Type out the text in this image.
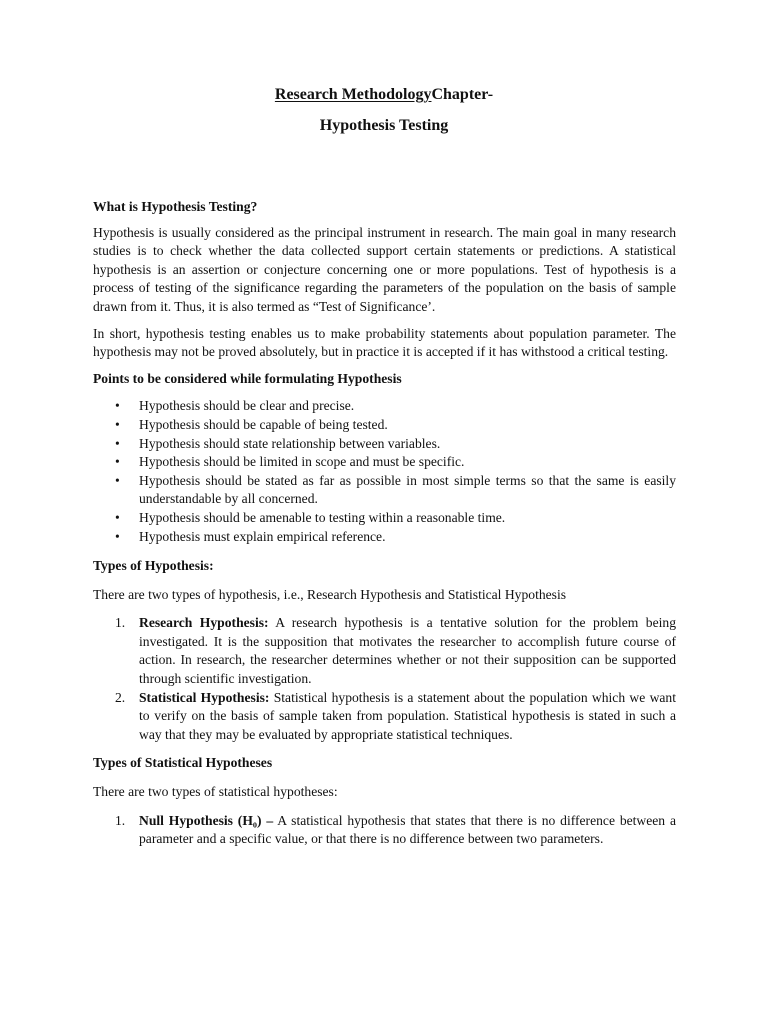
Research MethodologyChapter-
Hypothesis Testing
What is Hypothesis Testing?

Hypothesis is usually considered as the principal instrument in research. The main goal in many research studies is to check whether the data collected support certain statements or predictions. A statistical hypothesis is an assertion or conjecture concerning one or more populations. Test of hypothesis is a process of testing of the significance regarding the parameters of the population on the basis of sample drawn from it. Thus, it is also termed as “Test of Significance’.

In short, hypothesis testing enables us to make probability statements about population parameter. The hypothesis may not be proved absolutely, but in practice it is accepted if it has withstood a critical testing.

Points to be considered while formulating Hypothesis
• Hypothesis should be clear and precise.
• Hypothesis should be capable of being tested.
• Hypothesis should state relationship between variables.
• Hypothesis should be limited in scope and must be specific.
• Hypothesis should be stated as far as possible in most simple terms so that the same is easily understandable by all concerned.
• Hypothesis should be amenable to testing within a reasonable time.
• Hypothesis must explain empirical reference.
Types of Hypothesis:

There are two types of hypothesis, i.e., Research Hypothesis and Statistical Hypothesis

1. Research Hypothesis: A research hypothesis is a tentative solution for the problem being investigated. It is the supposition that motivates the researcher to accomplish future course of action. In research, the researcher determines whether or not their supposition can be supported through scientific investigation.
2. Statistical Hypothesis: Statistical hypothesis is a statement about the population which we want to verify on the basis of sample taken from population. Statistical hypothesis is stated in such a way that they may be evaluated by appropriate statistical techniques.
Types of Statistical Hypotheses

There are two types of statistical hypotheses:

1. Null Hypothesis (H₀) – A statistical hypothesis that states that there is no difference between a parameter and a specific value, or that there is no difference between two parameters.
